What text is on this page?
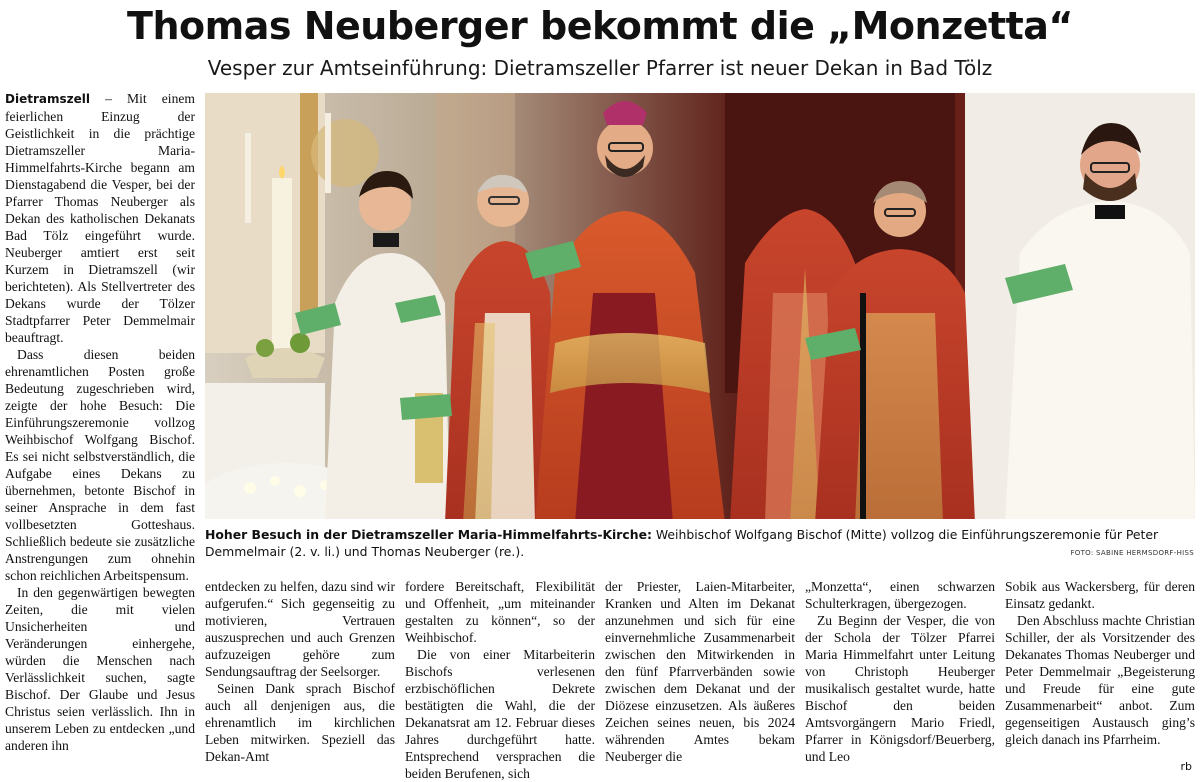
Thomas Neuberger bekommt die „Monzetta“
Vesper zur Amtseinführung: Dietramszeller Pfarrer ist neuer Dekan in Bad Tölz

Dietramszell – Mit einem feierlichen Einzug der Geistlichkeit in die prächtige Dietramszeller Maria-Himmelfahrts-Kirche begann am Dienstagabend die Vesper, bei der Pfarrer Thomas Neuberger als Dekan des katholischen Dekanats Bad Tölz eingeführt wurde. Neuberger amtiert erst seit Kurzem in Dietramszell (wir berichteten). Als Stellvertreter des Dekans wurde der Tölzer Stadtpfarrer Peter Demmelmair beauftragt.

Dass diesen beiden ehrenamtlichen Posten große Bedeutung zugeschrieben wird, zeigte der hohe Besuch: Die Einführungszeremonie vollzog Weihbischof Wolfgang Bischof. Es sei nicht selbstverständlich, die Aufgabe eines Dekans zu übernehmen, betonte Bischof in seiner Ansprache in dem fast vollbesetzten Gotteshaus. Schließlich bedeute sie zusätzliche Anstrengungen zum ohnehin schon reichlichen Arbeitspensum.

In den gegenwärtigen bewegten Zeiten, die mit vielen Unsicherheiten und Veränderungen einhergehe, würden die Menschen nach Verlässlichkeit suchen, sagte Bischof. Der Glaube und Jesus Christus seien verlässlich. Ihn in unserem Leben zu entdecken „und anderen ihn

Hoher Besuch in der Dietramszeller Maria-Himmelfahrts-Kirche: Weihbischof Wolfgang Bischof (Mitte) vollzog die Einführungszeremonie für Peter Demmelmair (2. v. li.) und Thomas Neuberger (re.).	FOTO: SABINE HERMSDORF-HISS

entdecken zu helfen, dazu sind wir aufgerufen.“ Sich gegenseitig zu motivieren, Vertrauen auszusprechen und auch Grenzen aufzuzeigen gehöre zum Sendungsauftrag der Seelsorger.

Seinen Dank sprach Bischof auch all denjenigen aus, die ehrenamtlich im kirchlichen Leben mitwirken. Speziell das Dekan-Amt

fordere Bereitschaft, Flexibilität und Offenheit, „um miteinander gestalten zu können“, so der Weihbischof.

Die von einer Mitarbeiterin Bischofs verlesenen erzbischöflichen Dekrete bestätigten die Wahl, die der Dekanatsrat am 12. Februar dieses Jahres durchgeführt hatte. Entsprechend versprachen die beiden Berufenen, sich

der Priester, Laien-Mitarbeiter, Kranken und Alten im Dekanat anzunehmen und sich für eine einvernehmliche Zusammenarbeit zwischen den Mitwirkenden in den fünf Pfarrverbänden sowie zwischen dem Dekanat und der Diözese einzusetzen. Als äußeres Zeichen seines neuen, bis 2024 währenden Amtes bekam Neuberger die

„Monzetta“, einen schwarzen Schulterkragen, übergezogen.

Zu Beginn der Vesper, die von der Schola der Tölzer Pfarrei Maria Himmelfahrt unter Leitung von Christoph Heuberger musikalisch gestaltet wurde, hatte Bischof den beiden Amtsvorgängern Mario Friedl, Pfarrer in Königsdorf/Beuerberg, und Leo

Sobik aus Wackersberg, für deren Einsatz gedankt.

Den Abschluss machte Christian Schiller, der als Vorsitzender des Dekanates Thomas Neuberger und Peter Demmelmair „Begeisterung und Freude für eine gute Zusammenarbeit“ anbot. Zum gegenseitigen Austausch ging’s gleich danach ins Pfarrheim.

rb
